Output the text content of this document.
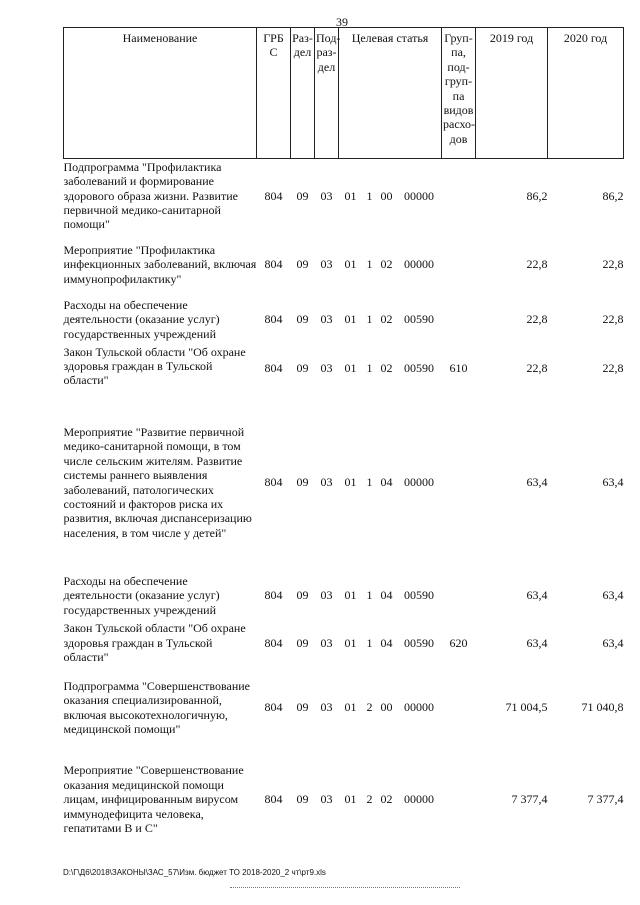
39
Наименование	ГРБ С	Раз- дел	Под- раз- дел	Целевая статья				Груп- па, под- груп- па видов расхо- дов	2019 год	2020 год
Подпрограмма "Профилактика заболеваний и формирование здорового образа жизни. Развитие первичной медико-санитарной помощи"	804	09	03	01	1	00	00000		86,2	86,2
Мероприятие "Профилактика инфекционных заболеваний, включая иммунопрофилактику"	804	09	03	01	1	02	00000		22,8	22,8
Расходы на обеспечение деятельности (оказание услуг) государственных учреждений	804	09	03	01	1	02	00590		22,8	22,8
Закон Тульской области "Об охране здоровья граждан в Тульской области"	804	09	03	01	1	02	00590	610	22,8	22,8
Мероприятие "Развитие первичной медико-санитарной помощи, в том числе сельским жителям. Развитие системы раннего выявления заболеваний, патологических состояний и факторов риска их развития, включая диспансеризацию населения, в том числе у детей"	804	09	03	01	1	04	00000		63,4	63,4
Расходы на обеспечение деятельности (оказание услуг) государственных учреждений	804	09	03	01	1	04	00590		63,4	63,4
Закон Тульской области "Об охране здоровья граждан в Тульской области"	804	09	03	01	1	04	00590	620	63,4	63,4
Подпрограмма "Совершенствование оказания специализированной, включая высокотехнологичную, медицинской помощи"	804	09	03	01	2	00	00000		71 004,5	71 040,8
Мероприятие "Совершенствование оказания медицинской помощи лицам, инфицированным вирусом иммунодефицита человека, гепатитами В и С"	804	09	03	01	2	02	00000		7 377,4	7 377,4
D:\Г\Д6\2018\ЗАКОНЫ\ЗАС_57\Изм. бюджет ТО 2018-2020_2 чт\рт9.xls
